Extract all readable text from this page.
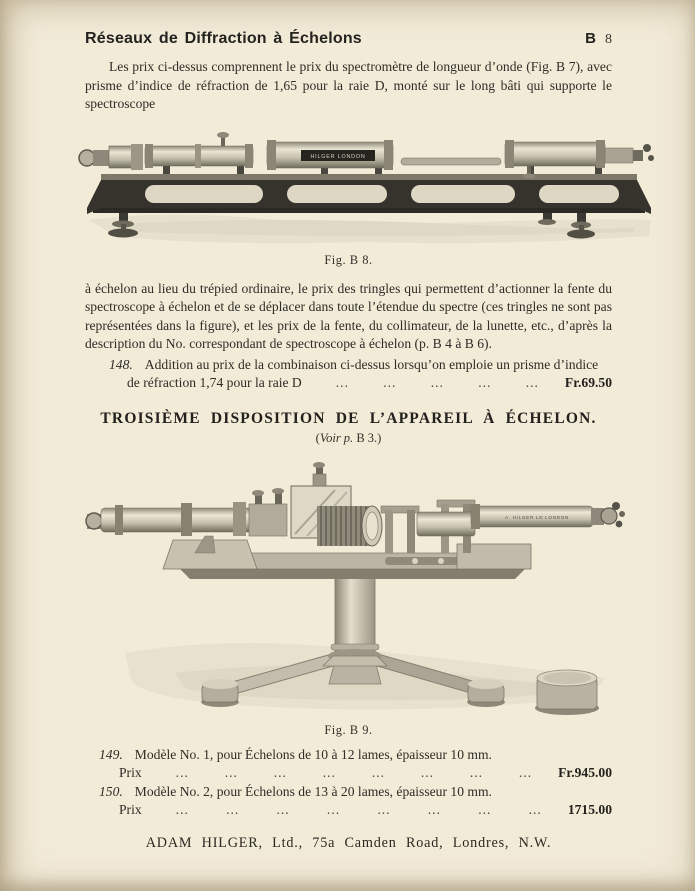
Réseaux de Diffraction à Échelons	B 8

Les prix ci-dessus comprennent le prix du spectromètre de longueur d’onde (Fig. B 7), avec prisme d’indice de réfraction de 1,65 pour la raie D, monté sur le long bâti qui supporte le spectroscope

HILGER LONDON
Fig. B 8.

à échelon au lieu du trépied ordinaire, le prix des tringles qui permettent d’actionner la fente du spectroscope à échelon et de se déplacer dans toute l’étendue du spectre (ces tringles ne sont pas représentées dans la figure), et les prix de la fente, du collimateur, de la lunette, etc., d’après la description du No. correspondant de spectroscope à échelon (p. B 4 à B 6).

148. Addition au prix de la combinaison ci-dessus lorsqu’on emploie un prisme d’indice
de réfraction 1,74 pour la raie D	... ... ... ... ...	Fr.69.50
TROISIÈME DISPOSITION DE L’APPAREIL À ÉCHELON.
(Voir p. B 3.)
A. HILGER LD LONDON
Fig. B 9.
149. Modèle No. 1, pour Échelons de 10 à 12 lames, épaisseur 10 mm.
Prix	... ... ... ... ... ... ... ...	Fr.945.00
150. Modèle No. 2, pour Échelons de 13 à 20 lames, épaisseur 10 mm.
Prix	... ... ... ... ... ... ... ...	1715.00
ADAM HILGER, Ltd., 75a Camden Road, Londres, N.W.
